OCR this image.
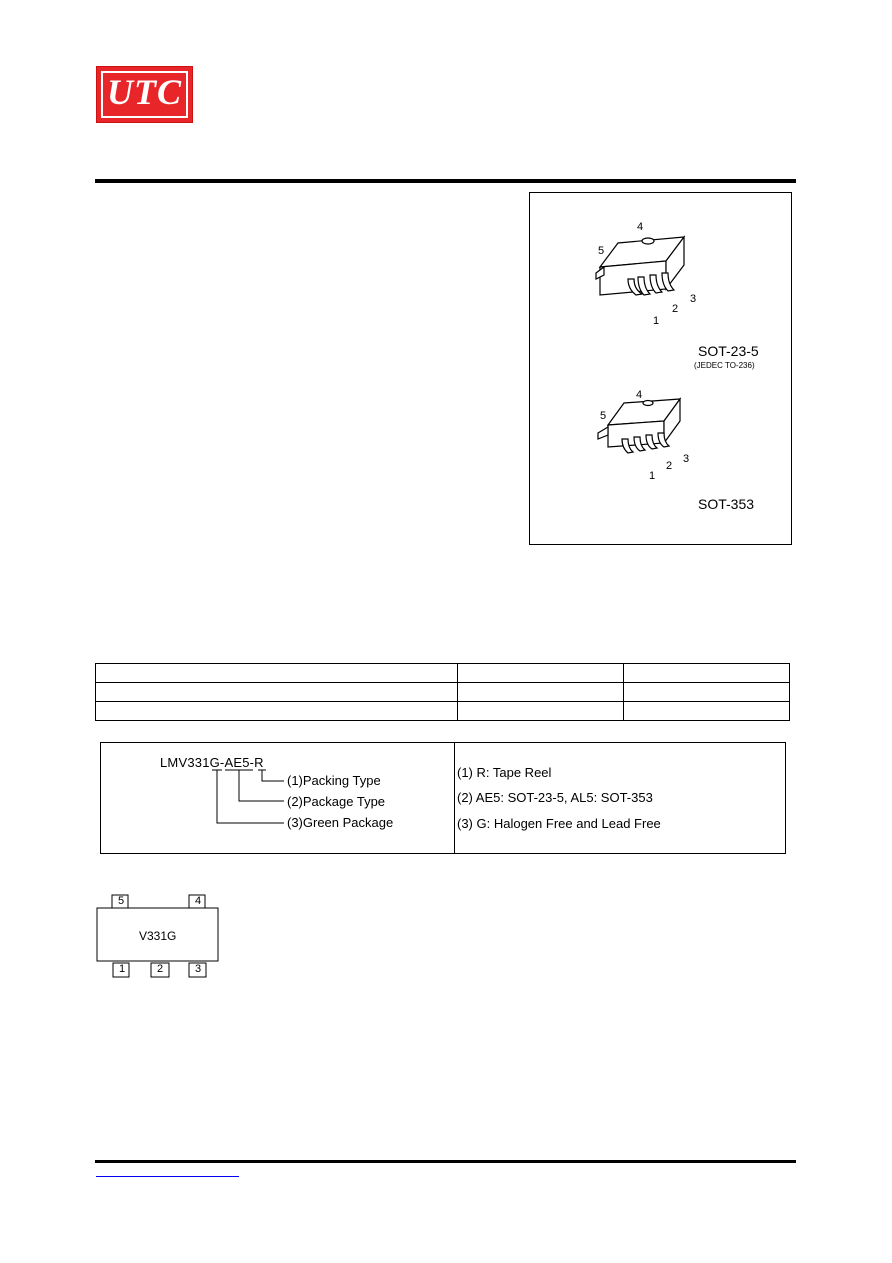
UTC
4
5
1
2
3
SOT-23-5
(JEDEC TO-236)
4
5
1
2
3
SOT-353

LMV331G-AE5-R
(1)Packing Type
(2)Package Type
(3)Green Package
(1) R: Tape Reel
(2) AE5: SOT-23-5, AL5: SOT-353
(3) G: Halogen Free and Lead Free
5	4
V331G
1	2	3
